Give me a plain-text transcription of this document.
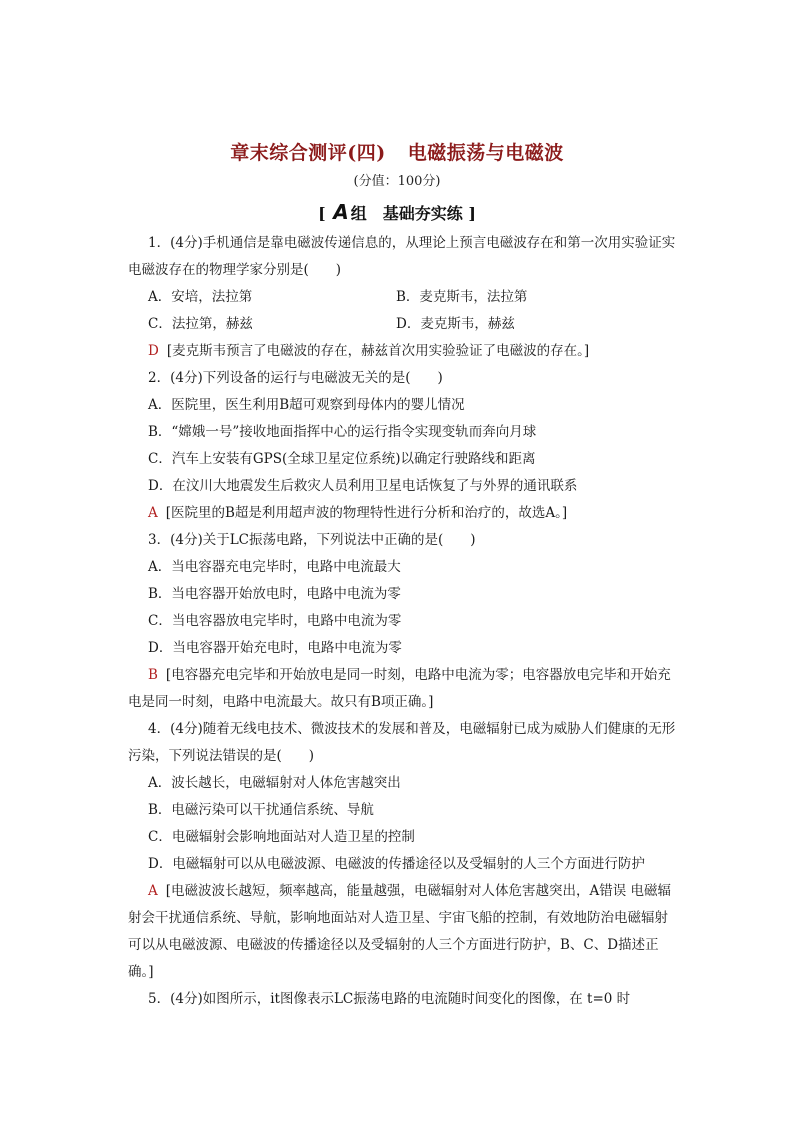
章末综合测评(四) 电磁振荡与电磁波
(分值：100分)
[ A 组　基础夯实练 ]

1．(4分)手机通信是靠电磁波传递信息的，从理论上预言电磁波存在和第一次用实验证实电磁波存在的物理学家分别是(　　)

A．安培，法拉第	B．麦克斯韦，法拉第
C．法拉第，赫兹	D．麦克斯韦，赫兹

D [麦克斯韦预言了电磁波的存在，赫兹首次用实验验证了电磁波的存在。]

2．(4分)下列设备的运行与电磁波无关的是(　　)

A．医院里，医生利用B超可观察到母体内的婴儿情况

B．“嫦娥一号”接收地面指挥中心的运行指令实现变轨而奔向月球

C．汽车上安装有GPS(全球卫星定位系统)以确定行驶路线和距离

D．在汶川大地震发生后救灾人员利用卫星电话恢复了与外界的通讯联系

A [医院里的B超是利用超声波的物理特性进行分析和治疗的，故选A。]

3．(4分)关于LC振荡电路，下列说法中正确的是(　　)

A．当电容器充电完毕时，电路中电流最大

B．当电容器开始放电时，电路中电流为零

C．当电容器放电完毕时，电路中电流为零

D．当电容器开始充电时，电路中电流为零

B [电容器充电完毕和开始放电是同一时刻，电路中电流为零；电容器放电完毕和开始充电是同一时刻，电路中电流最大。故只有B项正确。]

4．(4分)随着无线电技术、微波技术的发展和普及，电磁辐射已成为威胁人们健康的无形污染，下列说法错误的是(　　)

A．波长越长，电磁辐射对人体危害越突出

B．电磁污染可以干扰通信系统、导航

C．电磁辐射会影响地面站对人造卫星的控制

D．电磁辐射可以从电磁波源、电磁波的传播途径以及受辐射的人三个方面进行防护

A [电磁波波长越短，频率越高，能量越强，电磁辐射对人体危害越突出，A错误 电磁辐射会干扰通信系统、导航，影响地面站对人造卫星、宇宙飞船的控制，有效地防治电磁辐射可以从电磁波源、电磁波的传播途径以及受辐射的人三个方面进行防护，B、C、D描述正确。]

5．(4分)如图所示，it图像表示LC振荡电路的电流随时间变化的图像，在 t=0 时
